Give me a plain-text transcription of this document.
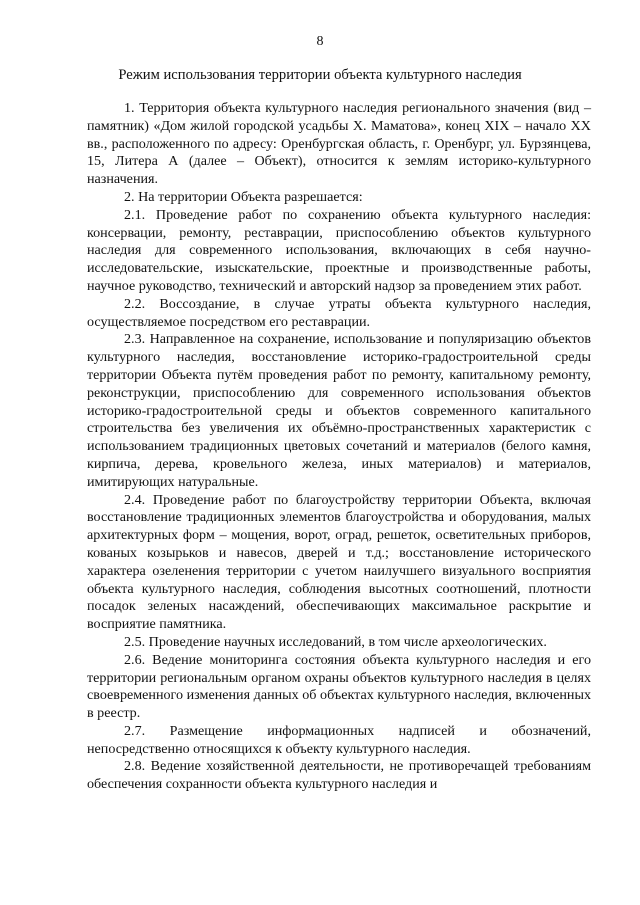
8
Режим использования территории объекта культурного наследия

1. Территория объекта культурного наследия регионального значения (вид – памятник) «Дом жилой городской усадьбы Х. Маматова», конец XIX – начало XX вв., расположенного по адресу: Оренбургская область, г. Оренбург, ул. Бурзянцева, 15, Литера А (далее – Объект), относится к землям историко-культурного назначения.

2. На территории Объекта разрешается:

2.1. Проведение работ по сохранению объекта культурного наследия: консервации, ремонту, реставрации, приспособлению объектов культурного наследия для современного использования, включающих в себя научно-исследовательские, изыскательские, проектные и производственные работы, научное руководство, технический и авторский надзор за проведением этих работ.

2.2. Воссоздание, в случае утраты объекта культурного наследия, осуществляемое посредством его реставрации.

2.3. Направленное на сохранение, использование и популяризацию объектов культурного наследия, восстановление историко-градостроительной среды территории Объекта путём проведения работ по ремонту, капитальному ремонту, реконструкции, приспособлению для современного использования объектов историко-градостроительной среды и объектов современного капитального строительства без увеличения их объёмно-пространственных характеристик с использованием традиционных цветовых сочетаний и материалов (белого камня, кирпича, дерева, кровельного железа, иных материалов) и материалов, имитирующих натуральные.

2.4. Проведение работ по благоустройству территории Объекта, включая восстановление традиционных элементов благоустройства и оборудования, малых архитектурных форм – мощения, ворот, оград, решеток, осветительных приборов, кованых козырьков и навесов, дверей и т.д.; восстановление исторического характера озеленения территории с учетом наилучшего визуального восприятия объекта культурного наследия, соблюдения высотных соотношений, плотности посадок зеленых насаждений, обеспечивающих максимальное раскрытие и восприятие памятника.

2.5. Проведение научных исследований, в том числе археологических.

2.6. Ведение мониторинга состояния объекта культурного наследия и его территории региональным органом охраны объектов культурного наследия в целях своевременного изменения данных об объектах культурного наследия, включенных в реестр.

2.7. Размещение информационных надписей и обозначений, непосредственно относящихся к объекту культурного наследия.

2.8. Ведение хозяйственной деятельности, не противоречащей требованиям обеспечения сохранности объекта культурного наследия и
